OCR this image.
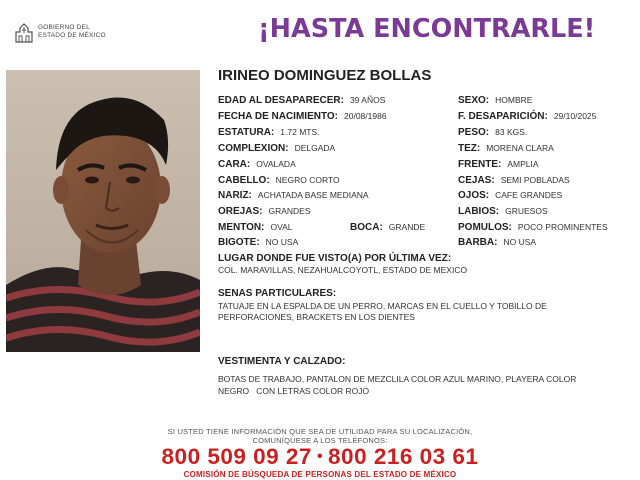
GOBIERNO DEL
ESTADO DE MÉXICO	¡HASTA ENCONTRARLE!
IRINEO DOMINGUEZ BOLLAS
EDAD AL DESAPARECER: 39 AÑOS
FECHA DE NACIMIENTO: 20/08/1986
ESTATURA: 1.72 MTS.
COMPLEXION: DELGADA
CARA: OVALADA
CABELLO: NEGRO CORTO
NARIZ: ACHATADA BASE MEDIANA
OREJAS: GRANDES
MENTON: OVAL	BOCA: GRANDE
BIGOTE: NO USA
SEXO: HOMBRE
F. DESAPARICIÓN: 29/10/2025
PESO: 83 KGS.
TEZ: MORENA CLARA
FRENTE: AMPLIA
CEJAS: SEMI POBLADAS
OJOS: CAFE GRANDES
LABIOS: GRUESOS
POMULOS: POCO PROMINENTES
BARBA: NO USA
LUGAR DONDE FUE VISTO(A) POR ÚLTIMA VEZ:
COL. MARAVILLAS, NEZAHUALCOYOTL, ESTADO DE MEXICO
SENAS PARTICULARES:
TATUAJE EN LA ESPALDA DE UN PERRO, MARCAS EN EL CUELLO Y TOBILLO DE
PERFORACIONES, BRACKETS EN LOS DIENTES
VESTIMENTA Y CALZADO:
BOTAS DE TRABAJO, PANTALON DE MEZCLILA COLOR AZUL MARINO, PLAYERA COLOR
NEGRO   CON LETRAS COLOR ROJO
SI USTED TIENE INFORMACIÓN QUE SEA DE UTILIDAD PARA SU LOCALIZACIÓN,
COMUNÍQUESE A LOS TELÉFONOS:
800 509 09 27 • 800 216 03 61
COMISIÓN DE BÚSQUEDA DE PERSONAS DEL ESTADO DE MÉXICO
